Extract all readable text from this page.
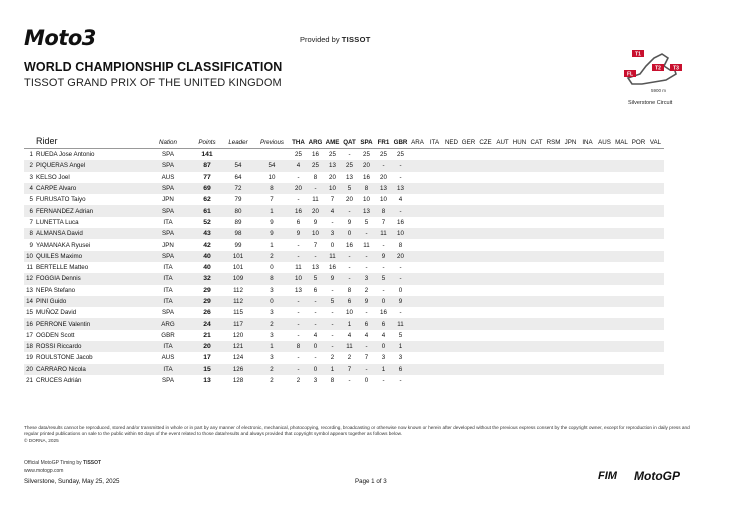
Moto3	Provided by TISSOT
WORLD CHAMPIONSHIP CLASSIFICATION
TISSOT GRAND PRIX OF THE UNITED KINGDOM
T1
T2 T3
FL
5900 m
Silverstone Circuit
Rider		Nation	Points	Leader	Previous	THA	ARG	AME	QAT	SPA	FR1	GBR	ARA	ITA	NED	GER	CZE	AUT	HUN	CAT	RSM	JPN	INA	AUS	MAL	POR	VAL
1	RUEDA Jose Antonio	SPA	141			25	16	25	-	25	25	25															
2	PIQUERAS Angel	SPA	87	54	54	4	25	13	25	20	-	-															
3	KELSO Joel	AUS	77	64	10	-	8	20	13	16	20	-															
4	CARPE Alvaro	SPA	69	72	8	20	-	10	5	8	13	13															
5	FURUSATO Taiyo	JPN	62	79	7	-	11	7	20	10	10	4															
6	FERNANDEZ Adrian	SPA	61	80	1	16	20	4	-	13	8	-															
7	LUNETTA Luca	ITA	52	89	9	6	9	-	9	5	7	16															
8	ALMANSA David	SPA	43	98	9	9	10	3	0	-	11	10															
9	YAMANAKA Ryusei	JPN	42	99	1	-	7	0	16	11	-	8															
10	QUILES Maximo	SPA	40	101	2	-	-	11	-	-	9	20															
11	BERTELLE Matteo	ITA	40	101	0	11	13	16	-	-	-	-															
12	FOGGIA Dennis	ITA	32	109	8	10	5	9	-	3	5	-															
13	NEPA Stefano	ITA	29	112	3	13	6	-	8	2	-	0															
14	PINI Guido	ITA	29	112	0	-	-	5	6	9	0	9															
15	MUÑOZ David	SPA	26	115	3	-	-	-	10	-	16	-															
16	PERRONE Valentin	ARG	24	117	2	-	-	-	1	6	6	11															
17	OGDEN Scott	GBR	21	120	3	-	4	-	4	4	4	5															
18	ROSSI Riccardo	ITA	20	121	1	8	0	-	11	-	0	1															
19	ROULSTONE Jacob	AUS	17	124	3	-	-	2	2	7	3	3															
20	CARRARO Nicola	ITA	15	126	2	-	0	1	7	-	1	6															
21	CRUCES Adrián	SPA	13	128	2	2	3	8	-	0	-	-															
These data/results cannot be reproduced, stored and/or transmitted in whole or in part by any manner of electronic, mechanical, photocopying, recording, broadcasting or otherwise now known or herein after developed without the previous express consent by the copyright owner, except for reproduction in daily press and regular printed publications on sale to the public within 60 days of the event related to those data/results and always provided that copyright symbol appears together as follows below.
© DORNA, 2025
Official MotoGP Timing by TISSOT
www.motogp.com
Silverstone, Sunday, May 25, 2025	Page 1 of 3	FIM MotoGP
